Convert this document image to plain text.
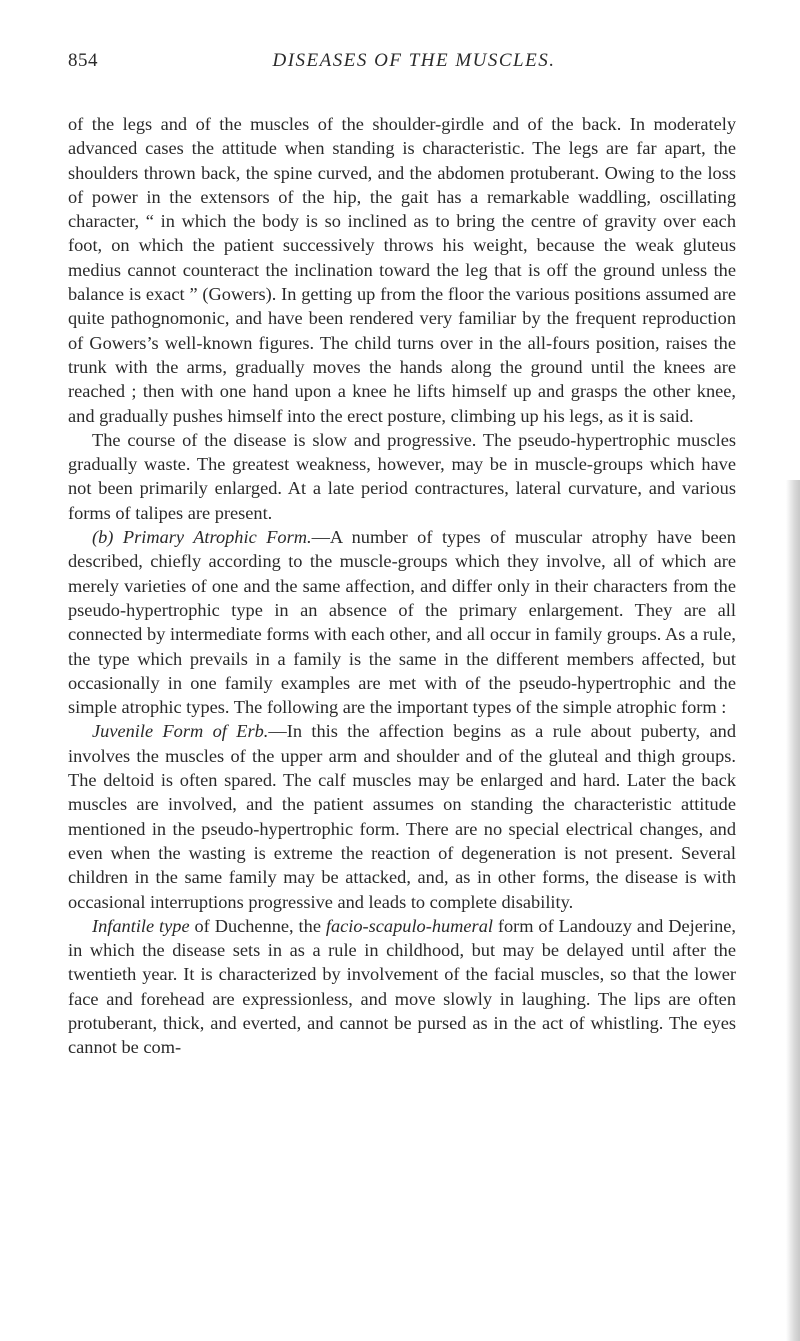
854	DISEASES OF THE MUSCLES.

of the legs and of the muscles of the shoulder-girdle and of the back. In moderately advanced cases the attitude when standing is characteristic. The legs are far apart, the shoulders thrown back, the spine curved, and the abdomen protuberant. Owing to the loss of power in the extensors of the hip, the gait has a remarkable waddling, oscillating character, “ in which the body is so inclined as to bring the centre of gravity over each foot, on which the patient successively throws his weight, because the weak gluteus medius cannot counteract the inclination toward the leg that is off the ground unless the balance is exact ” (Gowers). In getting up from the floor the various positions assumed are quite pathognomonic, and have been rendered very familiar by the frequent reproduction of Gowers’s well-known figures. The child turns over in the all-fours position, raises the trunk with the arms, gradually moves the hands along the ground until the knees are reached ; then with one hand upon a knee he lifts himself up and grasps the other knee, and gradually pushes himself into the erect posture, climbing up his legs, as it is said.

The course of the disease is slow and progressive. The pseudo-hypertrophic muscles gradually waste. The greatest weakness, however, may be in muscle-groups which have not been primarily enlarged. At a late period contractures, lateral curvature, and various forms of talipes are present.

(b) Primary Atrophic Form.—A number of types of muscular atrophy have been described, chiefly according to the muscle-groups which they involve, all of which are merely varieties of one and the same affection, and differ only in their characters from the pseudo-hypertrophic type in an absence of the primary enlargement. They are all connected by intermediate forms with each other, and all occur in family groups. As a rule, the type which prevails in a family is the same in the different members affected, but occasionally in one family examples are met with of the pseudo-hypertrophic and the simple atrophic types. The following are the important types of the simple atrophic form :

Juvenile Form of Erb.—In this the affection begins as a rule about puberty, and involves the muscles of the upper arm and shoulder and of the gluteal and thigh groups. The deltoid is often spared. The calf muscles may be enlarged and hard. Later the back muscles are involved, and the patient assumes on standing the characteristic attitude mentioned in the pseudo-hypertrophic form. There are no special electrical changes, and even when the wasting is extreme the reaction of degeneration is not present. Several children in the same family may be attacked, and, as in other forms, the disease is with occasional interruptions progressive and leads to complete disability.

Infantile type of Duchenne, the facio-scapulo-humeral form of Landouzy and Dejerine, in which the disease sets in as a rule in childhood, but may be delayed until after the twentieth year. It is characterized by involvement of the facial muscles, so that the lower face and forehead are expressionless, and move slowly in laughing. The lips are often protuberant, thick, and everted, and cannot be pursed as in the act of whistling. The eyes cannot be com-
